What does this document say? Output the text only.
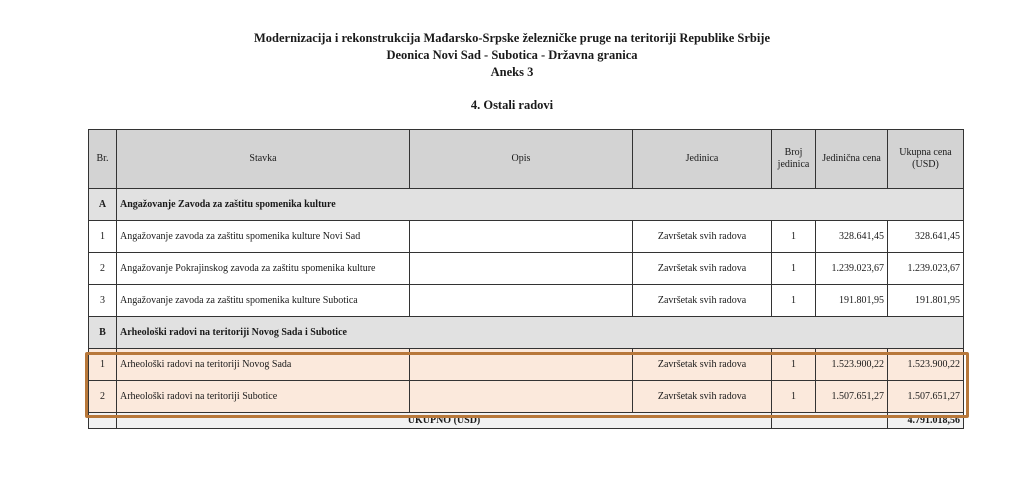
Modernizacija i rekonstrukcija Mađarsko-Srpske železničke pruge na teritoriji Republike Srbije
Deonica Novi Sad - Subotica - Državna granica
Aneks 3
4. Ostali radovi
Br.	Stavka	Opis	Jedinica	Broj jedinica	Jedinična cena	Ukupna cena (USD)
A	Angažovanje Zavoda za zaštitu spomenika kulture					
1	Angažovanje zavoda za zaštitu spomenika kulture Novi Sad		Završetak svih radova	1	328.641,45	328.641,45
2	Angažovanje Pokrajinskog zavoda za zaštitu spomenika kulture		Završetak svih radova	1	1.239.023,67	1.239.023,67
3	Angažovanje zavoda za zaštitu spomenika kulture Subotica		Završetak svih radova	1	191.801,95	191.801,95
B	Arheološki radovi na teritoriji Novog Sada i Subotice					
1	Arheološki radovi na teritoriji Novog Sada		Završetak svih radova	1	1.523.900,22	1.523.900,22
2	Arheološki radovi na teritoriji Subotice		Završetak svih radova	1	1.507.651,27	1.507.651,27
	UKUPNO (USD)					4.791.018,56
